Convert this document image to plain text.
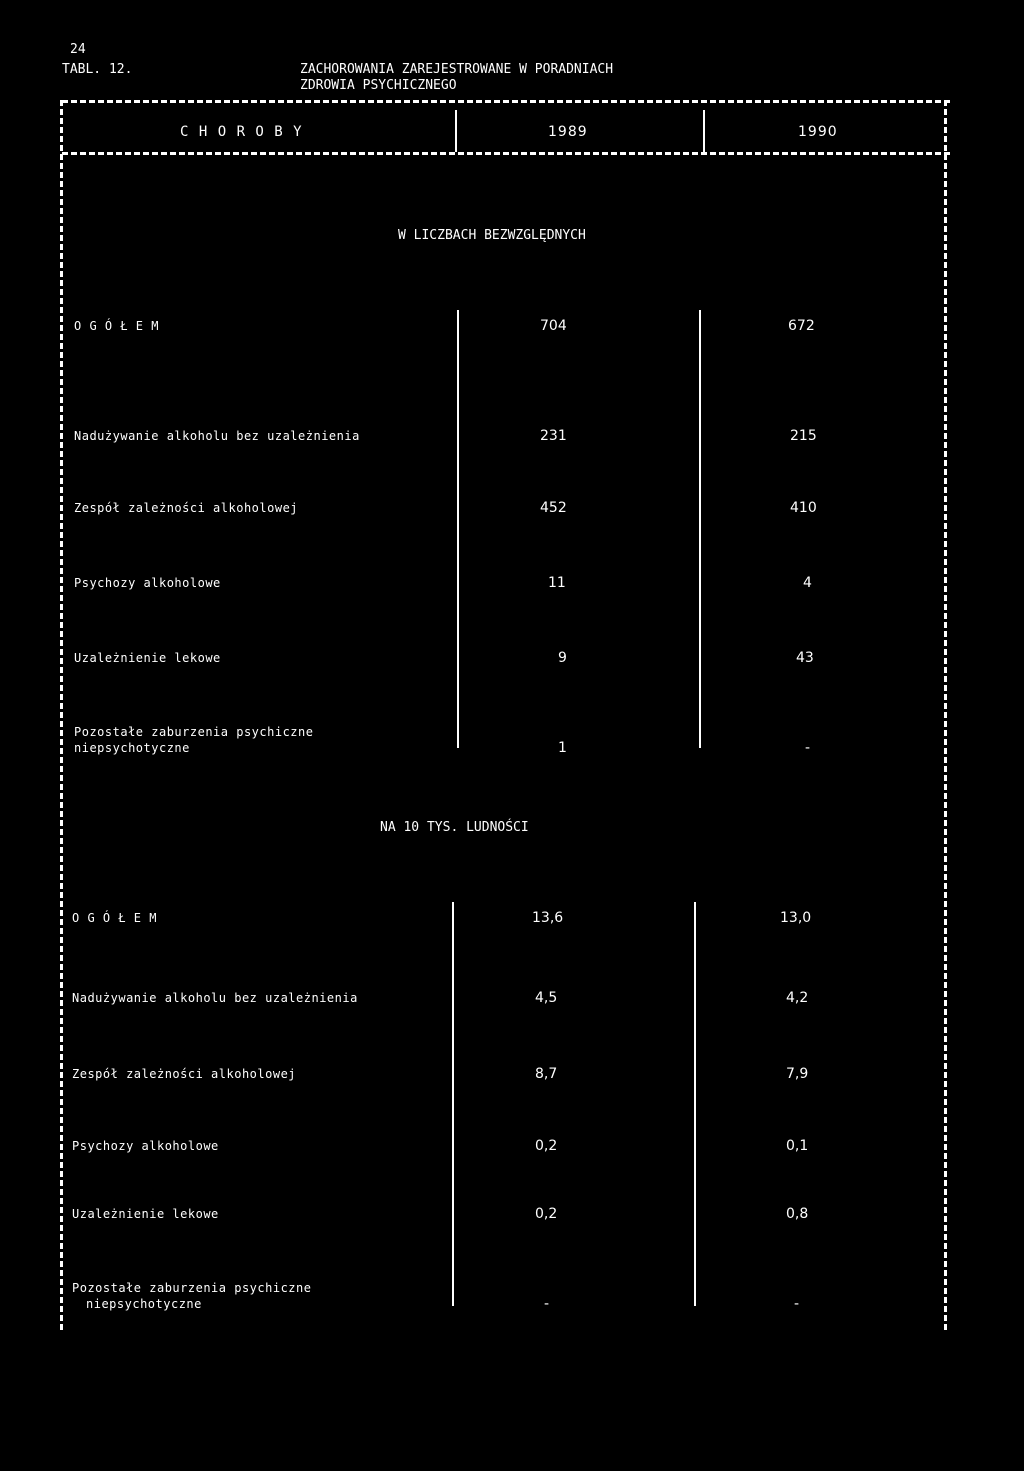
24
TABL. 12.	ZACHOROWANIA ZAREJESTROWANE W PORADNIACH
ZDROWIA PSYCHICZNEGO
C H O R O B Y	1989	1990
W LICZBACH BEZWZGLĘDNYCH
O G Ó Ł E M	704	672
Nadużywanie alkoholu bez uzależnienia	231	215
Zespół zależności alkoholowej	452	410
Psychozy alkoholowe	11	4
Uzależnienie lekowe	9	43
Pozostałe zaburzenia psychiczne
niepsychotyczne	1	-
NA 10 TYS. LUDNOŚCI
O G Ó Ł E M	13,6	13,0
Nadużywanie alkoholu bez uzależnienia	4,5	4,2
Zespół zależności alkoholowej	8,7	7,9
Psychozy alkoholowe	0,2	0,1
Uzależnienie lekowe	0,2	0,8
Pozostałe zaburzenia psychiczne
niepsychotyczne	-	-
